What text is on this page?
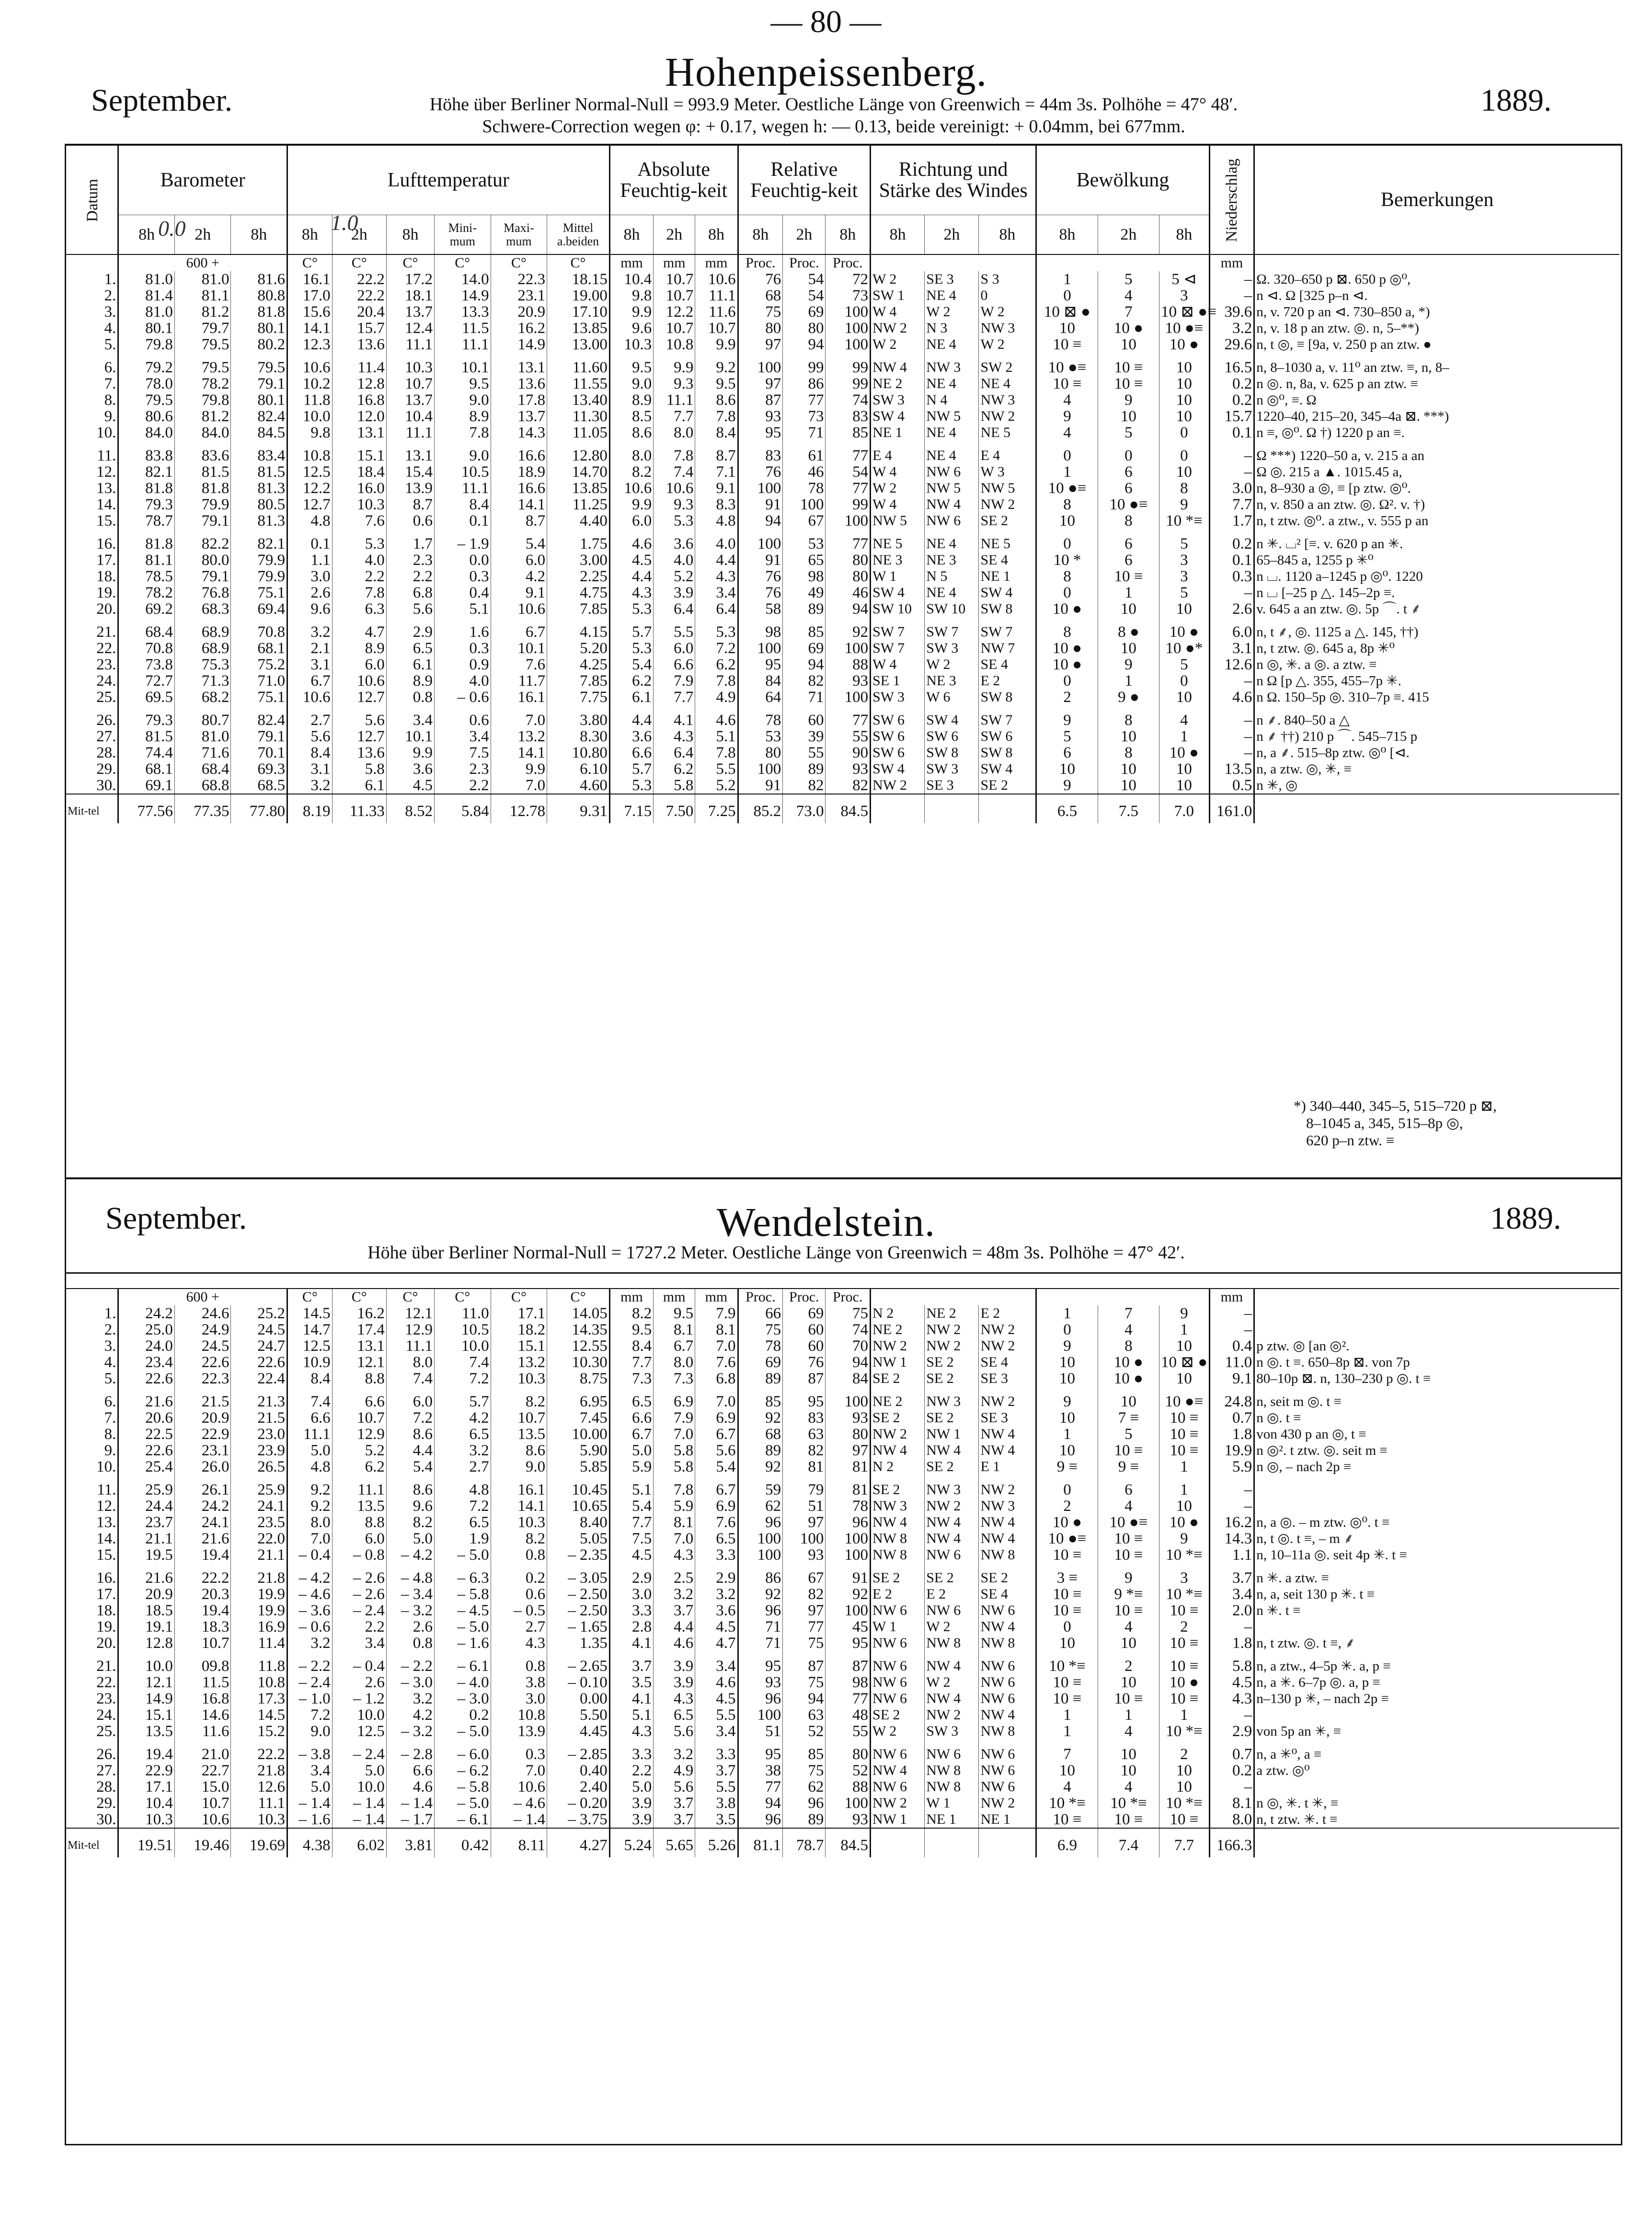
— 80 —
Hohenpeissenberg.
September.	1889.
Höhe über Berliner Normal-Null = 993.9 Meter. Oestliche Länge von Greenwich = 44m 3s. Polhöhe = 47° 48′.
Schwere-Correction wegen φ: + 0.17, wegen h: — 0.13, beide vereinigt: + 0.04mm, bei 677mm.
0.0	1.0
Datum	Barometer			Lufttemperatur						Absolute Feuchtig-keit			Relative Feuchtig-keit			Richtung und Stärke des Windes			Bewölkung			Niederschlag	Bemerkungen
	8h	2h	8h	8h	2h	8h	Mini-mum	Maxi-mum	Mittel a.beiden	8h	2h	8h	8h	2h	8h	8h	2h	8h	8h	2h	8h		
	600 +			C°	C°	C°	C°	C°	C°	mm	mm	mm	Proc.	Proc.	Proc.							mm	
1.	81.0	81.0	81.6	16.1	22.2	17.2	14.0	22.3	18.15	10.4	10.7	10.6	76	54	72	W 2	SE 3	S 3	1	5	5 ⊲	–	Ω. 320–650 p ⊠. 650 p ◎⁰,
2.	81.4	81.1	80.8	17.0	22.2	18.1	14.9	23.1	19.00	9.8	10.7	11.1	68	54	73	SW 1	NE 4	0	0	4	3	–	n ⊲. Ω [325 p–n ⊲.
3.	81.0	81.2	81.8	15.6	20.4	13.7	13.3	20.9	17.10	9.9	12.2	11.6	75	69	100	W 4	W 2	W 2	10 ⊠ ●	7	10 ⊠ ●≡	39.6	n, v. 720 p an ⊲. 730–850 a, *)
4.	80.1	79.7	80.1	14.1	15.7	12.4	11.5	16.2	13.85	9.6	10.7	10.7	80	80	100	NW 2	N 3	NW 3	10	10 ●	10 ●≡	3.2	n, v. 18 p an ztw. ◎. n, 5–**)
5.	79.8	79.5	80.2	12.3	13.6	11.1	11.1	14.9	13.00	10.3	10.8	9.9	97	94	100	W 2	NE 4	W 2	10 ≡	10	10 ●	29.6	n, t ◎, ≡ [9a, v. 250 p an ztw. ●
6.	79.2	79.5	79.5	10.6	11.4	10.3	10.1	13.1	11.60	9.5	9.9	9.2	100	99	99	NW 4	NW 3	SW 2	10 ●≡	10 ≡	10	16.5	n, 8–1030 a, v. 11⁰ an ztw. ≡, n, 8–
7.	78.0	78.2	79.1	10.2	12.8	10.7	9.5	13.6	11.55	9.0	9.3	9.5	97	86	99	NE 2	NE 4	NE 4	10 ≡	10 ≡	10	0.2	n ◎. n, 8a, v. 625 p an ztw. ≡
8.	79.5	79.8	80.1	11.8	16.8	13.7	9.0	17.8	13.40	8.9	11.1	8.6	87	77	74	SW 3	N 4	NW 3	4	9	10	0.2	n ◎⁰, ≡. Ω
9.	80.6	81.2	82.4	10.0	12.0	10.4	8.9	13.7	11.30	8.5	7.7	7.8	93	73	83	SW 4	NW 5	NW 2	9	10	10	15.7	1220–40, 215–20, 345–4a ⊠. ***)
10.	84.0	84.0	84.5	9.8	13.1	11.1	7.8	14.3	11.05	8.6	8.0	8.4	95	71	85	NE 1	NE 4	NE 5	4	5	0	0.1	n ≡, ◎⁰. Ω †) 1220 p an ≡.
11.	83.8	83.6	83.4	10.8	15.1	13.1	9.0	16.6	12.80	8.0	7.8	8.7	83	61	77	E 4	NE 4	E 4	0	0	0	–	Ω ***) 1220–50 a, v. 215 a an
12.	82.1	81.5	81.5	12.5	18.4	15.4	10.5	18.9	14.70	8.2	7.4	7.1	76	46	54	W 4	NW 6	W 3	1	6	10	–	Ω ◎. 215 a ▲. 1015.45 a,
13.	81.8	81.8	81.3	12.2	16.0	13.9	11.1	16.6	13.85	10.6	10.6	9.1	100	78	77	W 2	NW 5	NW 5	10 ●≡	6	8	3.0	n, 8–930 a ◎, ≡ [p ztw. ◎⁰.
14.	79.3	79.9	80.5	12.7	10.3	8.7	8.4	14.1	11.25	9.9	9.3	8.3	91	100	99	W 4	NW 4	NW 2	8	10 ●≡	9	7.7	n, v. 850 a an ztw. ◎. Ω². v. †)
15.	78.7	79.1	81.3	4.8	7.6	0.6	0.1	8.7	4.40	6.0	5.3	4.8	94	67	100	NW 5	NW 6	SE 2	10	8	10 *≡	1.7	n, t ztw. ◎⁰. a ztw., v. 555 p an
16.	81.8	82.2	82.1	0.1	5.3	1.7	– 1.9	5.4	1.75	4.6	3.6	4.0	100	53	77	NE 5	NE 4	NE 5	0	6	5	0.2	n ✳. ⌴² [≡. v. 620 p an ✳.
17.	81.1	80.0	79.9	1.1	4.0	2.3	0.0	6.0	3.00	4.5	4.0	4.4	91	65	80	NE 3	NE 3	SE 4	10 *	6	3	0.1	65–845 a, 1255 p ✳⁰
18.	78.5	79.1	79.9	3.0	2.2	2.2	0.3	4.2	2.25	4.4	5.2	4.3	76	98	80	W 1	N 5	NE 1	8	10 ≡	3	0.3	n ⌴. 1120 a–1245 p ◎⁰. 1220
19.	78.2	76.8	75.1	2.6	7.8	6.8	0.4	9.1	4.75	4.3	3.9	3.4	76	49	46	SW 4	NE 4	SW 4	0	1	5	–	n ⌴ [–25 p △. 145–2p ≡.
20.	69.2	68.3	69.4	9.6	6.3	5.6	5.1	10.6	7.85	5.3	6.4	6.4	58	89	94	SW 10	SW 10	SW 8	10 ●	10	10	2.6	v. 645 a an ztw. ◎. 5p ⌒. t ⸙
21.	68.4	68.9	70.8	3.2	4.7	2.9	1.6	6.7	4.15	5.7	5.5	5.3	98	85	92	SW 7	SW 7	SW 7	8	8 ●	10 ●	6.0	n, t ⸙, ◎. 1125 a △. 145, ††)
22.	70.8	68.9	68.1	2.1	8.9	6.5	0.3	10.1	5.20	5.3	6.0	7.2	100	69	100	SW 7	SW 3	NW 7	10 ●	10	10 ●*	3.1	n, t ztw. ◎. 645 a, 8p ✳⁰
23.	73.8	75.3	75.2	3.1	6.0	6.1	0.9	7.6	4.25	5.4	6.6	6.2	95	94	88	W 4	W 2	SE 4	10 ●	9	5	12.6	n ◎, ✳. a ◎. a ztw. ≡
24.	72.7	71.3	71.0	6.7	10.6	8.9	4.0	11.7	7.85	6.2	7.9	7.8	84	82	93	SE 1	NE 3	E 2	0	1	0	–	n Ω [p △. 355, 455–7p ✳.
25.	69.5	68.2	75.1	10.6	12.7	0.8	– 0.6	16.1	7.75	6.1	7.7	4.9	64	71	100	SW 3	W 6	SW 8	2	9 ●	10	4.6	n Ω. 150–5p ◎. 310–7p ≡. 415
26.	79.3	80.7	82.4	2.7	5.6	3.4	0.6	7.0	3.80	4.4	4.1	4.6	78	60	77	SW 6	SW 4	SW 7	9	8	4	–	n ⸙. 840–50 a △
27.	81.5	81.0	79.1	5.6	12.7	10.1	3.4	13.2	8.30	3.6	4.3	5.1	53	39	55	SW 6	SW 6	SW 6	5	10	1	–	n ⸙ ††) 210 p ⌒. 545–715 p
28.	74.4	71.6	70.1	8.4	13.6	9.9	7.5	14.1	10.80	6.6	6.4	7.8	80	55	90	SW 6	SW 8	SW 8	6	8	10 ●	–	n, a ⸙. 515–8p ztw. ◎⁰ [⊲.
29.	68.1	68.4	69.3	3.1	5.8	3.6	2.3	9.9	6.10	5.7	6.2	5.5	100	89	93	SW 4	SW 3	SW 4	10	10	10	13.5	n, a ztw. ◎, ✳, ≡
30.	69.1	68.8	68.5	3.2	6.1	4.5	2.2	7.0	4.60	5.3	5.8	5.2	91	82	82	NW 2	SE 3	SE 2	9	10	10	0.5	n ✳, ◎
Mit-tel	77.56	77.35	77.80	8.19	11.33	8.52	5.84	12.78	9.31	7.15	7.50	7.25	85.2	73.0	84.5				6.5	7.5	7.0	161.0	
*) 340–440, 345–5, 515–720 p ⊠,
8–1045 a, 345, 515–8p ◎,
620 p–n ztw. ≡
September.	Wendelstein.	1889.
Höhe über Berliner Normal-Null = 1727.2 Meter. Oestliche Länge von Greenwich = 48m 3s. Polhöhe = 47° 42′.
	600 +			C°	C°	C°	C°	C°	C°	mm	mm	mm	Proc.	Proc.	Proc.							mm	
1.	24.2	24.6	25.2	14.5	16.2	12.1	11.0	17.1	14.05	8.2	9.5	7.9	66	69	75	N 2	NE 2	E 2	1	7	9	–	
2.	25.0	24.9	24.5	14.7	17.4	12.9	10.5	18.2	14.35	9.5	8.1	8.1	75	60	74	NE 2	NW 2	NW 2	0	4	1	–	
3.	24.0	24.5	24.7	12.5	13.1	11.1	10.0	15.1	12.55	8.4	6.7	7.0	78	60	70	NW 2	NW 2	NW 2	9	8	10	0.4	p ztw. ◎ [an ◎².
4.	23.4	22.6	22.6	10.9	12.1	8.0	7.4	13.2	10.30	7.7	8.0	7.6	69	76	94	NW 1	SE 2	SE 4	10	10 ●	10 ⊠ ●	11.0	n ◎. t ≡. 650–8p ⊠. von 7p
5.	22.6	22.3	22.4	8.4	8.8	7.4	7.2	10.3	8.75	7.3	7.3	6.8	89	87	84	SE 2	SE 2	SE 3	10	10 ●	10	9.1	80–10p ⊠. n, 130–230 p ◎. t ≡
6.	21.6	21.5	21.3	7.4	6.6	6.0	5.7	8.2	6.95	6.5	6.9	7.0	85	95	100	NE 2	NW 3	NW 2	9	10	10 ●≡	24.8	n, seit m ◎. t ≡
7.	20.6	20.9	21.5	6.6	10.7	7.2	4.2	10.7	7.45	6.6	7.9	6.9	92	83	93	SE 2	SE 2	SE 3	10	7 ≡	10 ≡	0.7	n ◎. t ≡
8.	22.5	22.9	23.0	11.1	12.9	8.6	6.5	13.5	10.00	6.7	7.0	6.7	68	63	80	NW 2	NW 1	NW 4	1	5	10 ≡	1.8	von 430 p an ◎, t ≡
9.	22.6	23.1	23.9	5.0	5.2	4.4	3.2	8.6	5.90	5.0	5.8	5.6	89	82	97	NW 4	NW 4	NW 4	10	10 ≡	10 ≡	19.9	n ◎². t ztw. ◎. seit m ≡
10.	25.4	26.0	26.5	4.8	6.2	5.4	2.7	9.0	5.85	5.9	5.8	5.4	92	81	81	N 2	SE 2	E 1	9 ≡	9 ≡	1	5.9	n ◎, – nach 2p ≡
11.	25.9	26.1	25.9	9.2	11.1	8.6	4.8	16.1	10.45	5.1	7.8	6.7	59	79	81	SE 2	NW 3	NW 2	0	6	1	–	
12.	24.4	24.2	24.1	9.2	13.5	9.6	7.2	14.1	10.65	5.4	5.9	6.9	62	51	78	NW 3	NW 2	NW 3	2	4	10	–	
13.	23.7	24.1	23.5	8.0	8.8	8.2	6.5	10.3	8.40	7.7	8.1	7.6	96	97	96	NW 4	NW 4	NW 4	10 ●	10 ●≡	10 ●	16.2	n, a ◎. – m ztw. ◎⁰. t ≡
14.	21.1	21.6	22.0	7.0	6.0	5.0	1.9	8.2	5.05	7.5	7.0	6.5	100	100	100	NW 8	NW 4	NW 4	10 ●≡	10 ≡	9	14.3	n, t ◎. t ≡, – m ⸙
15.	19.5	19.4	21.1	– 0.4	– 0.8	– 4.2	– 5.0	0.8	– 2.35	4.5	4.3	3.3	100	93	100	NW 8	NW 6	NW 8	10 ≡	10 ≡	10 *≡	1.1	n, 10–11a ◎. seit 4p ✳. t ≡
16.	21.6	22.2	21.8	– 4.2	– 2.6	– 4.8	– 6.3	0.2	– 3.05	2.9	2.5	2.9	86	67	91	SE 2	SE 2	SE 2	3 ≡	9	3	3.7	n ✳. a ztw. ≡
17.	20.9	20.3	19.9	– 4.6	– 2.6	– 3.4	– 5.8	0.6	– 2.50	3.0	3.2	3.2	92	82	92	E 2	E 2	SE 4	10 ≡	9 *≡	10 *≡	3.4	n, a, seit 130 p ✳. t ≡
18.	18.5	19.4	19.9	– 3.6	– 2.4	– 3.2	– 4.5	– 0.5	– 2.50	3.3	3.7	3.6	96	97	100	NW 6	NW 6	NW 6	10 ≡	10 ≡	10 ≡	2.0	n ✳. t ≡
19.	19.1	18.3	16.9	– 0.6	2.2	2.6	– 5.0	2.7	– 1.65	2.8	4.4	4.5	71	77	45	W 1	W 2	NW 4	0	4	2	–	
20.	12.8	10.7	11.4	3.2	3.4	0.8	– 1.6	4.3	1.35	4.1	4.6	4.7	71	75	95	NW 6	NW 8	NW 8	10	10	10 ≡	1.8	n, t ztw. ◎. t ≡, ⸙
21.	10.0	09.8	11.8	– 2.2	– 0.4	– 2.2	– 6.1	0.8	– 2.65	3.7	3.9	3.4	95	87	87	NW 6	NW 4	NW 6	10 *≡	2	10 ≡	5.8	n, a ztw., 4–5p ✳. a, p ≡
22.	12.1	11.5	10.8	– 2.4	2.6	– 3.0	– 4.0	3.8	– 0.10	3.5	3.9	4.6	93	75	98	NW 6	W 2	NW 6	10 ≡	10	10 ●	4.5	n, a ✳. 6–7p ◎. a, p ≡
23.	14.9	16.8	17.3	– 1.0	– 1.2	3.2	– 3.0	3.0	0.00	4.1	4.3	4.5	96	94	77	NW 6	NW 4	NW 6	10 ≡	10 ≡	10 ≡	4.3	n–130 p ✳, – nach 2p ≡
24.	15.1	14.6	14.5	7.2	10.0	4.2	0.2	10.8	5.50	5.1	6.5	5.5	100	63	48	SE 2	NW 2	NW 4	1	1	1	–	
25.	13.5	11.6	15.2	9.0	12.5	– 3.2	– 5.0	13.9	4.45	4.3	5.6	3.4	51	52	55	W 2	SW 3	NW 8	1	4	10 *≡	2.9	von 5p an ✳, ≡
26.	19.4	21.0	22.2	– 3.8	– 2.4	– 2.8	– 6.0	0.3	– 2.85	3.3	3.2	3.3	95	85	80	NW 6	NW 6	NW 6	7	10	2	0.7	n, a ✳⁰, a ≡
27.	22.9	22.7	21.8	3.4	5.0	6.6	– 6.2	7.0	0.40	2.2	4.9	3.7	38	75	52	NW 4	NW 8	NW 6	10	10	10	0.2	a ztw. ◎⁰
28.	17.1	15.0	12.6	5.0	10.0	4.6	– 5.8	10.6	2.40	5.0	5.6	5.5	77	62	88	NW 6	NW 8	NW 6	4	4	10	–	
29.	10.4	10.7	11.1	– 1.4	– 1.4	– 1.4	– 5.0	– 4.6	– 0.20	3.9	3.7	3.8	94	96	100	NW 2	W 1	NW 2	10 *≡	10 *≡	10 *≡	8.1	n ◎, ✳. t ✳, ≡
30.	10.3	10.6	10.3	– 1.6	– 1.4	– 1.7	– 6.1	– 1.4	– 3.75	3.9	3.7	3.5	96	89	93	NW 1	NE 1	NE 1	10 ≡	10 ≡	10 ≡	8.0	n, t ztw. ✳. t ≡
Mit-tel	19.51	19.46	19.69	4.38	6.02	3.81	0.42	8.11	4.27	5.24	5.65	5.26	81.1	78.7	84.5				6.9	7.4	7.7	166.3	
